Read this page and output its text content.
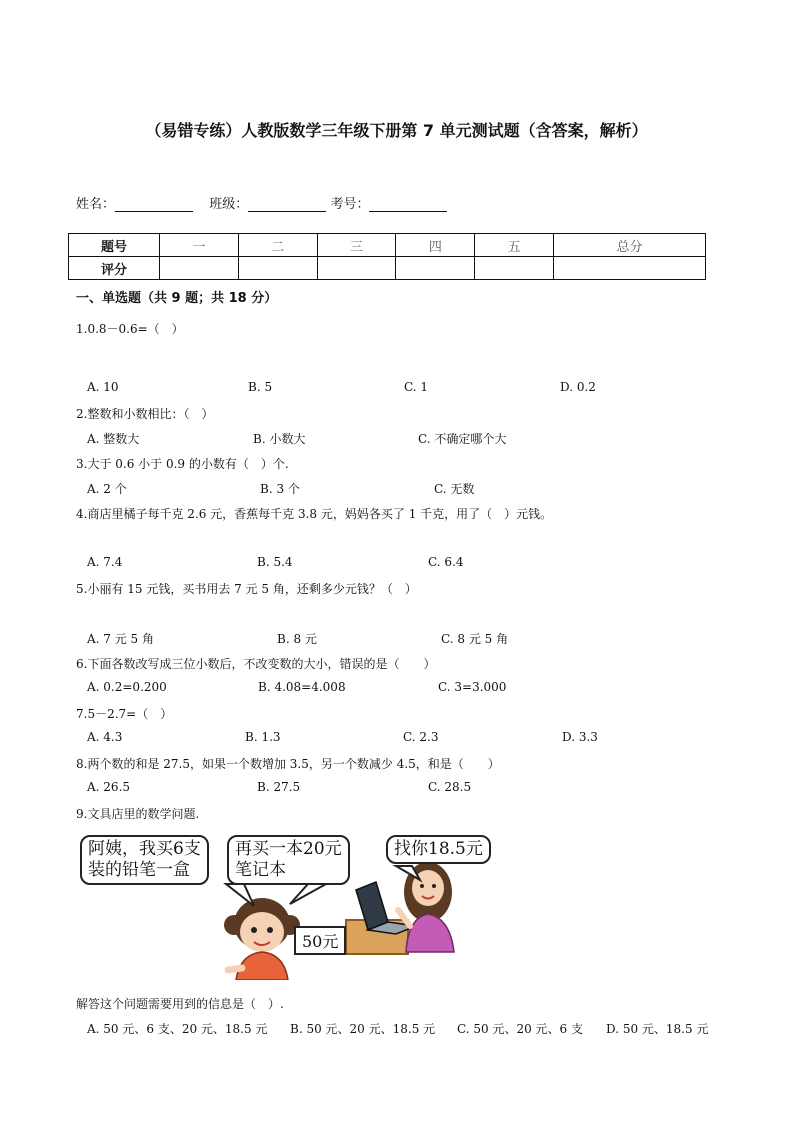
（易错专练）人教版数学三年级下册第 7 单元测试题（含答案，解析）
姓名：	班级：	考号：
题号	一	二	三	四	五	总分
评分						
一、单选题（共 9 题；共 18 分）
1.0.8－0.6=（　）
A. 10	B. 5	C. 1	D. 0.2
2.整数和小数相比：（　）
A. 整数大	B. 小数大	C. 不确定哪个大
3.大于 0.6 小于 0.9 的小数有（　）个.
A. 2 个	B. 3 个	C. 无数
4.商店里橘子每千克 2.6 元，香蕉每千克 3.8 元，妈妈各买了 1 千克，用了（　）元钱。
A. 7.4	B. 5.4	C. 6.4
5.小丽有 15 元钱，买书用去 7 元 5 角，还剩多少元钱？（　）
A. 7 元 5 角	B. 8 元	C. 8 元 5 角
6.下面各数改写成三位小数后，不改变数的大小，错误的是（　　）
A. 0.2=0.200	B. 4.08=4.008	C. 3=3.000
7.5－2.7=（　）
A. 4.3	B. 1.3	C. 2.3	D. 3.3
8.两个数的和是 27.5，如果一个数增加 3.5，另一个数减少 4.5，和是（　　）
A. 26.5	B. 27.5	C. 28.5
9.文具店里的数学问题.
阿姨，我买6支
装的铅笔一盒
再买一本20元
笔记本
找你18.5元
50元
解答这个问题需要用到的信息是（　）.
A. 50 元、6 支、20 元、18.5 元 B. 50 元、20 元、18.5 元 C. 50 元、20 元、6 支 D. 50 元、18.5 元
